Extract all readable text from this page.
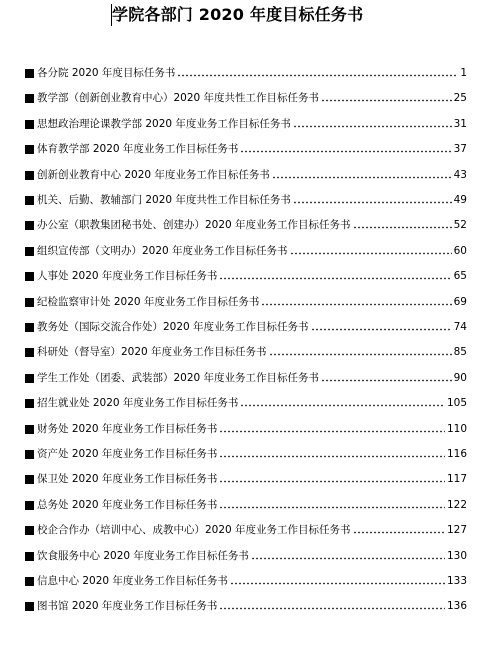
学院各部门 2020 年度目标任务书
各分院 2020 年度目标任务书	1
教学部（创新创业教育中心）2020 年度共性工作目标任务书	25
思想政治理论课教学部 2020 年度业务工作目标任务书	31
体育教学部 2020 年度业务工作目标任务书	37
创新创业教育中心 2020 年度业务工作目标任务书	43
机关、后勤、教辅部门 2020 年度共性工作目标任务书	49
办公室（职教集团秘书处、创建办）2020 年度业务工作目标任务书	52
组织宣传部（文明办）2020 年度业务工作目标任务书	60
人事处 2020 年度业务工作目标任务书	65
纪检监察审计处 2020 年度业务工作目标任务书	69
教务处（国际交流合作处）2020 年度业务工作目标任务书	74
科研处（督导室）2020 年度业务工作目标任务书	85
学生工作处（团委、武装部）2020 年度业务工作目标任务书	90
招生就业处 2020 年度业务工作目标任务书	105
财务处 2020 年度业务工作目标任务书	110
资产处 2020 年度业务工作目标任务书	116
保卫处 2020 年度业务工作目标任务书	117
总务处 2020 年度业务工作目标任务书	122
校企合作办（培训中心、成教中心）2020 年度业务工作目标任务书	127
饮食服务中心 2020 年度业务工作目标任务书	130
信息中心 2020 年度业务工作目标任务书	133
图书馆 2020 年度业务工作目标任务书	136
